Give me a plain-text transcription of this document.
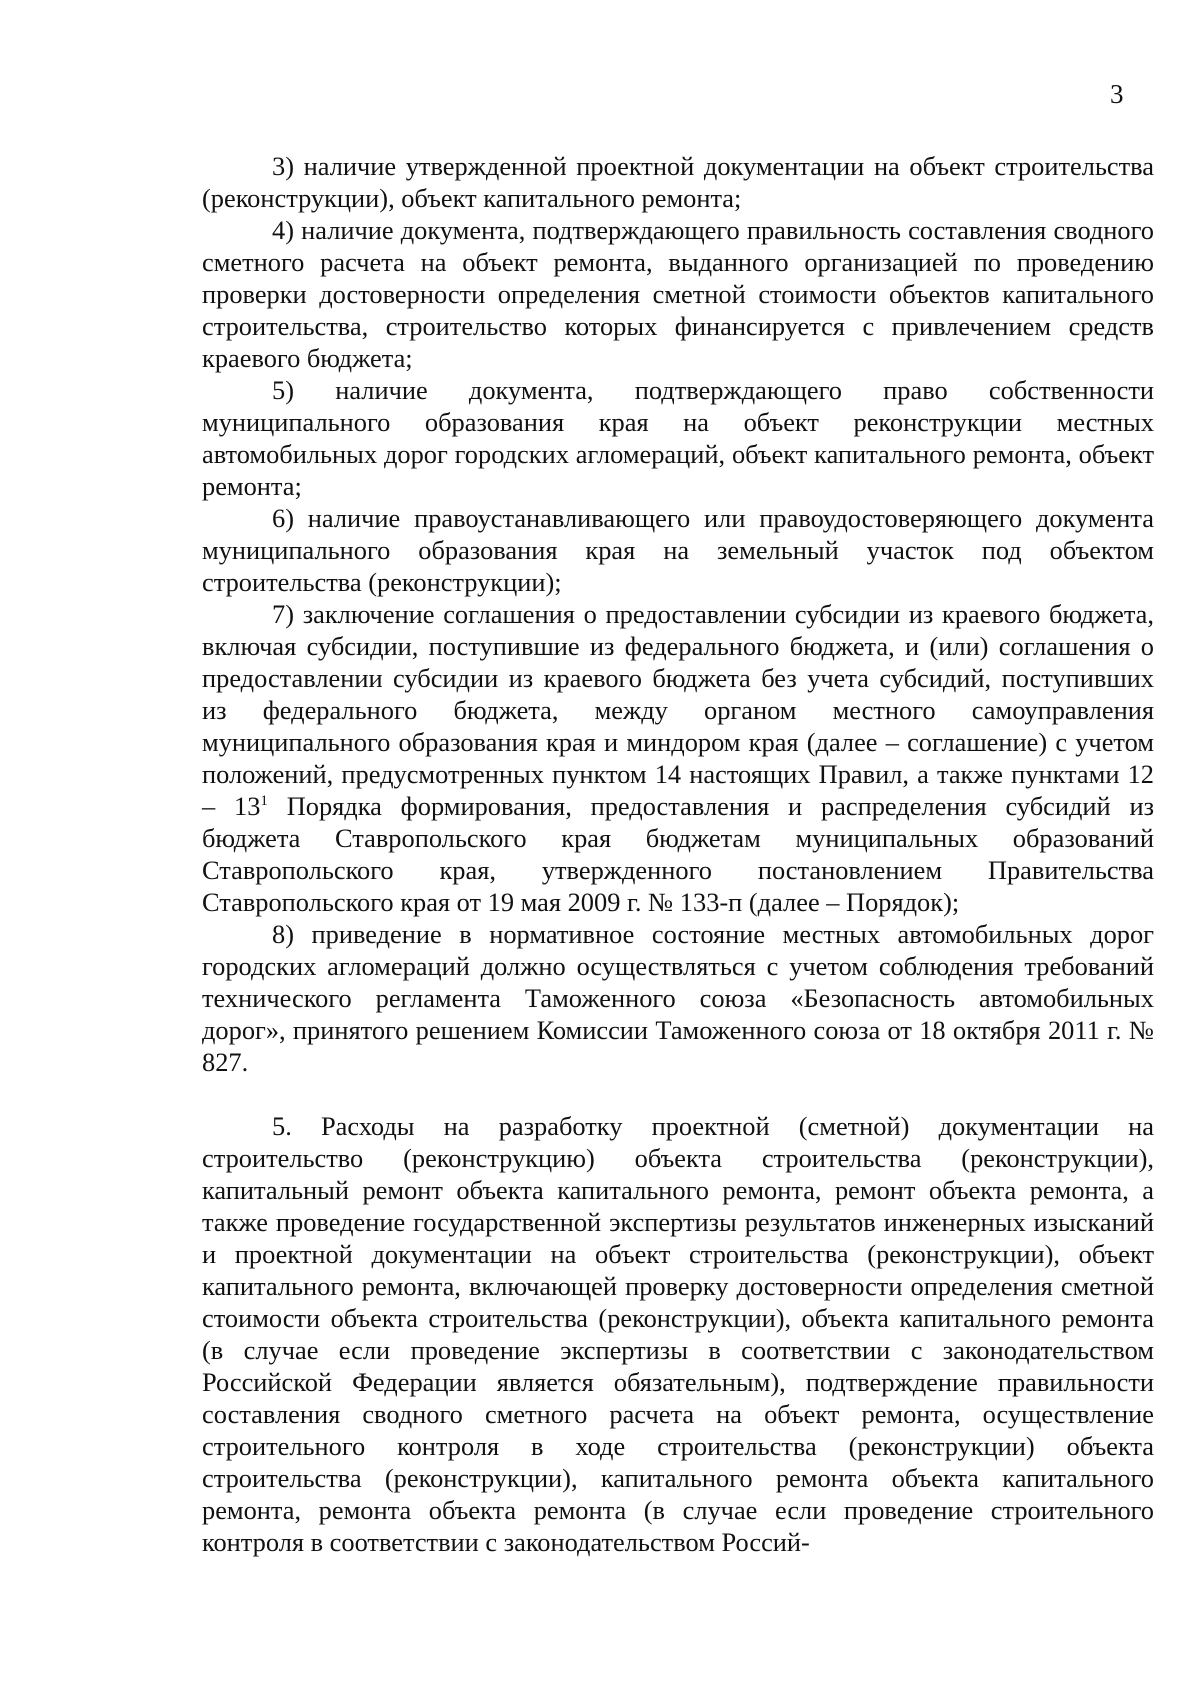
3

3) наличие утвержденной проектной документации на объект строительства (реконструкции), объект капитального ремонта;

4) наличие документа, подтверждающего правильность составления сводного сметного расчета на объект ремонта, выданного организацией по проведению проверки достоверности определения сметной стоимости объектов капитального строительства, строительство которых финансируется с привлечением средств краевого бюджета;

5) наличие документа, подтверждающего право собственности муниципального образования края на объект реконструкции местных автомобильных дорог городских агломераций, объект капитального ремонта, объект ремонта;

6) наличие правоустанавливающего или правоудостоверяющего документа муниципального образования края на земельный участок под объектом строительства (реконструкции);

7) заключение соглашения о предоставлении субсидии из краевого бюджета, включая субсидии, поступившие из федерального бюджета, и (или) соглашения о предоставлении субсидии из краевого бюджета без учета субсидий, поступивших из федерального бюджета, между органом местного самоуправления муниципального образования края и миндором края (далее – соглашение) с учетом положений, предусмотренных пунктом 14 настоящих Правил, а также пунктами $12 - 13^1$ Порядка формирования, предоставления и распределения субсидий из бюджета Ставропольского края бюджетам муниципальных образований Ставропольского края, утвержденного постановлением Правительства Ставропольского края от 19 мая 2009 г. № 133-п (далее – Порядок);

8) приведение в нормативное состояние местных автомобильных дорог городских агломераций должно осуществляться с учетом соблюдения требований технического регламента Таможенного союза «Безопасность автомобильных дорог», принятого решением Комиссии Таможенного союза от 18 октября 2011 г. № 827.

5. Расходы на разработку проектной (сметной) документации на строительство (реконструкцию) объекта строительства (реконструкции), капитальный ремонт объекта капитального ремонта, ремонт объекта ремонта, а также проведение государственной экспертизы результатов инженерных изысканий и проектной документации на объект строительства (реконструкции), объект капитального ремонта, включающей проверку достоверности определения сметной стоимости объекта строительства (реконструкции), объекта капитального ремонта (в случае если проведение экспертизы в соответствии с законодательством Российской Федерации является обязательным), подтверждение правильности составления сводного сметного расчета на объект ремонта, осуществление строительного контроля в ходе строительства (реконструкции) объекта строительства (реконструкции), капитального ремонта объекта капитального ремонта, ремонта объекта ремонта (в случае если проведение строительного контроля в соответствии с законодательством Россий-
